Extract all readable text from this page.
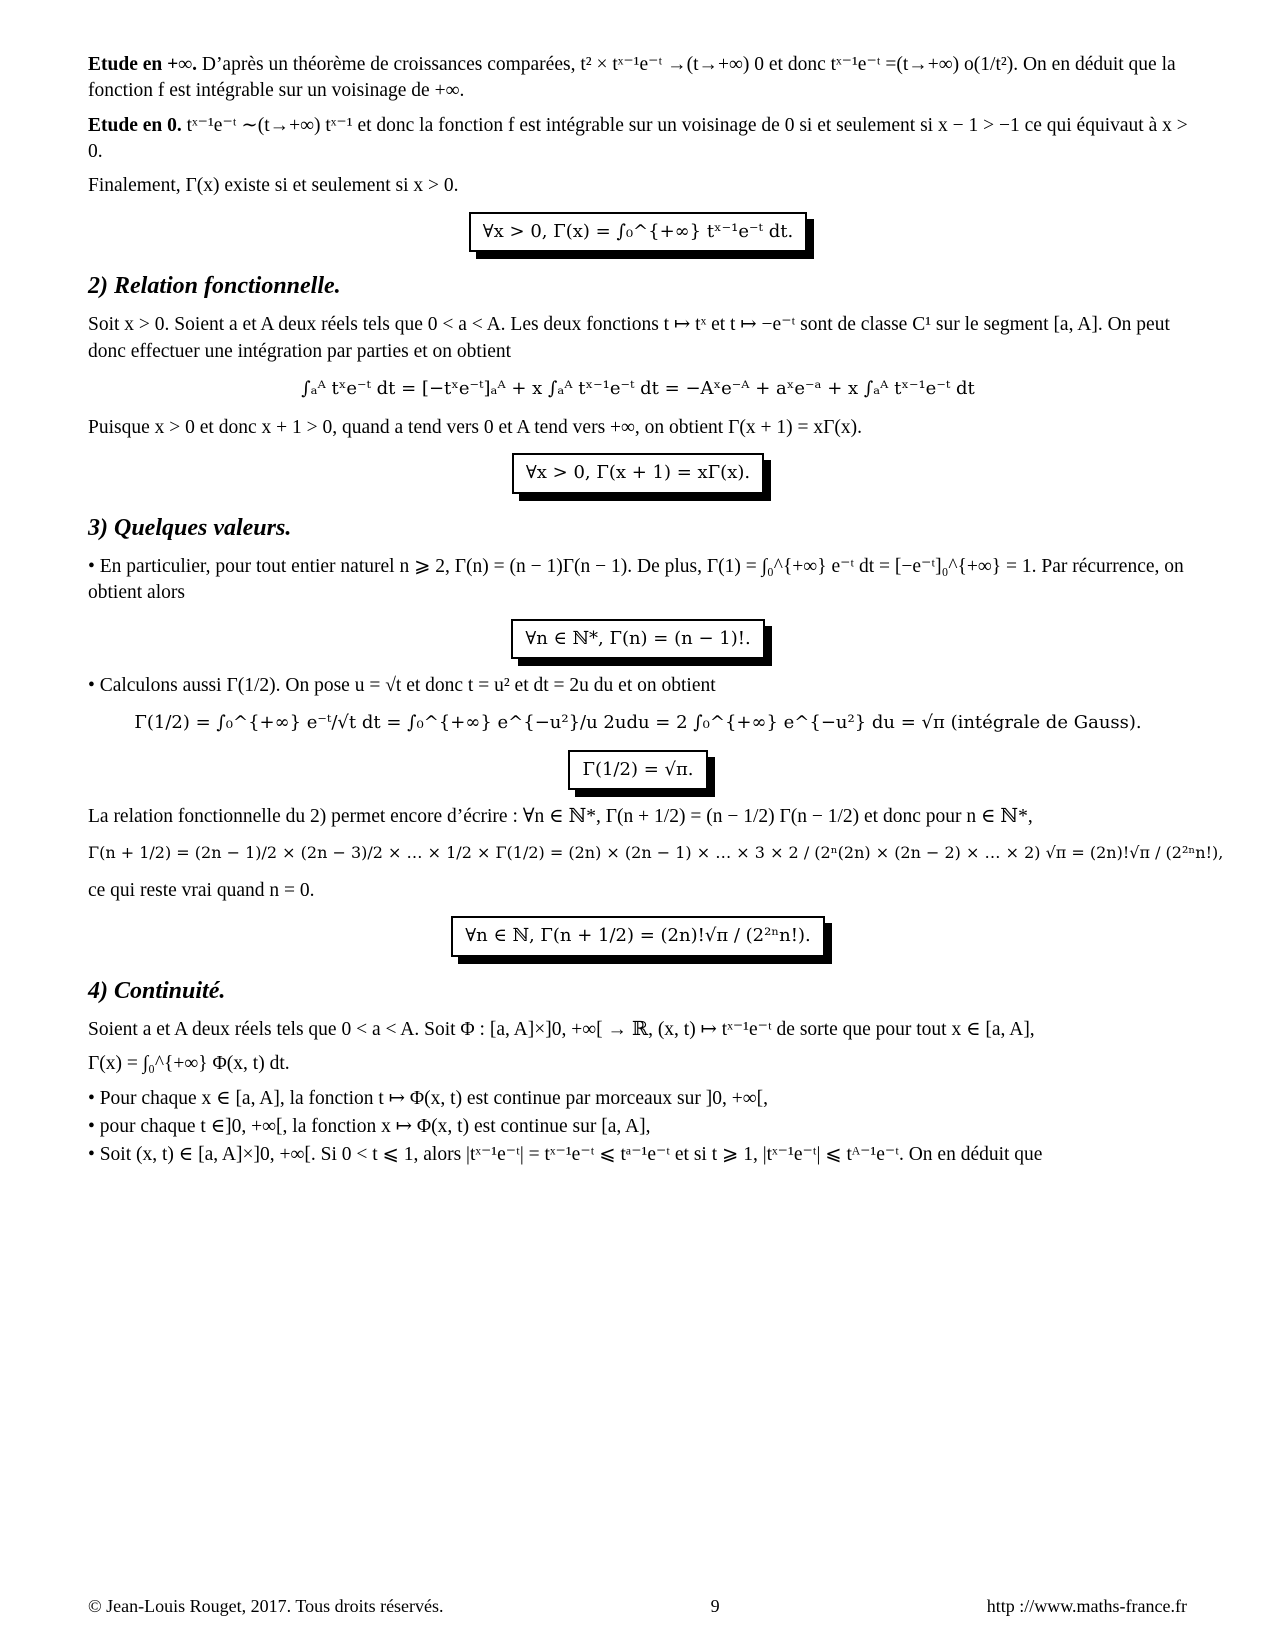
Etude en +∞. D’après un théorème de croissances comparées, t² × tˣ⁻¹e⁻ᵗ →(t→+∞) 0 et donc tˣ⁻¹e⁻ᵗ =(t→+∞) o(1/t²). On en déduit que la fonction f est intégrable sur un voisinage de +∞.

Etude en 0. tˣ⁻¹e⁻ᵗ ∼(t→+∞) tˣ⁻¹ et donc la fonction f est intégrable sur un voisinage de 0 si et seulement si x − 1 > −1 ce qui équivaut à x > 0.

Finalement, Γ(x) existe si et seulement si x > 0.

∀x > 0, Γ(x) = ∫₀^{+∞} tˣ⁻¹e⁻ᵗ dt.
2) Relation fonctionnelle.

Soit x > 0. Soient a et A deux réels tels que 0 < a < A. Les deux fonctions t ↦ tˣ et t ↦ −e⁻ᵗ sont de classe C¹ sur le segment [a, A]. On peut donc effectuer une intégration par parties et on obtient

∫ₐᴬ tˣe⁻ᵗ dt = [−tˣe⁻ᵗ]ₐᴬ + x ∫ₐᴬ tˣ⁻¹e⁻ᵗ dt = −Aˣe⁻ᴬ + aˣe⁻ᵃ + x ∫ₐᴬ tˣ⁻¹e⁻ᵗ dt

Puisque x > 0 et donc x + 1 > 0, quand a tend vers 0 et A tend vers +∞, on obtient Γ(x + 1) = xΓ(x).

∀x > 0, Γ(x + 1) = xΓ(x).
3) Quelques valeurs.

• En particulier, pour tout entier naturel n ⩾ 2, Γ(n) = (n − 1)Γ(n − 1). De plus, Γ(1) = ∫₀^{+∞} e⁻ᵗ dt = [−e⁻ᵗ]₀^{+∞} = 1. Par récurrence, on obtient alors

∀n ∈ ℕ*, Γ(n) = (n − 1)!.

• Calculons aussi Γ(1/2). On pose u = √t et donc t = u² et dt = 2u du et on obtient

Γ(1/2) = ∫₀^{+∞} e⁻ᵗ/√t dt = ∫₀^{+∞} e^{−u²}/u 2udu = 2 ∫₀^{+∞} e^{−u²} du = √π (intégrale de Gauss).
Γ(1/2) = √π.

La relation fonctionnelle du 2) permet encore d’écrire : ∀n ∈ ℕ*, Γ(n + 1/2) = (n − 1/2) Γ(n − 1/2) et donc pour n ∈ ℕ*,

Γ(n + 1/2) = (2n − 1)/2 × (2n − 3)/2 × … × 1/2 × Γ(1/2) = (2n) × (2n − 1) × … × 3 × 2 / (2ⁿ(2n) × (2n − 2) × … × 2) √π = (2n)!√π / (2²ⁿn!),

ce qui reste vrai quand n = 0.

∀n ∈ ℕ, Γ(n + 1/2) = (2n)!√π / (2²ⁿn!).
4) Continuité.

Soient a et A deux réels tels que 0 < a < A. Soit Φ : [a, A]×]0, +∞[ → ℝ, (x, t) ↦ tˣ⁻¹e⁻ᵗ de sorte que pour tout x ∈ [a, A],

Γ(x) = ∫₀^{+∞} Φ(x, t) dt.

• Pour chaque x ∈ [a, A], la fonction t ↦ Φ(x, t) est continue par morceaux sur ]0, +∞[,

• pour chaque t ∈]0, +∞[, la fonction x ↦ Φ(x, t) est continue sur [a, A],

• Soit (x, t) ∈ [a, A]×]0, +∞[. Si 0 < t ⩽ 1, alors |tˣ⁻¹e⁻ᵗ| = tˣ⁻¹e⁻ᵗ ⩽ tᵃ⁻¹e⁻ᵗ et si t ⩾ 1, |tˣ⁻¹e⁻ᵗ| ⩽ tᴬ⁻¹e⁻ᵗ. On en déduit que

© Jean-Louis Rouget, 2017. Tous droits réservés.	9	http ://www.maths-france.fr
